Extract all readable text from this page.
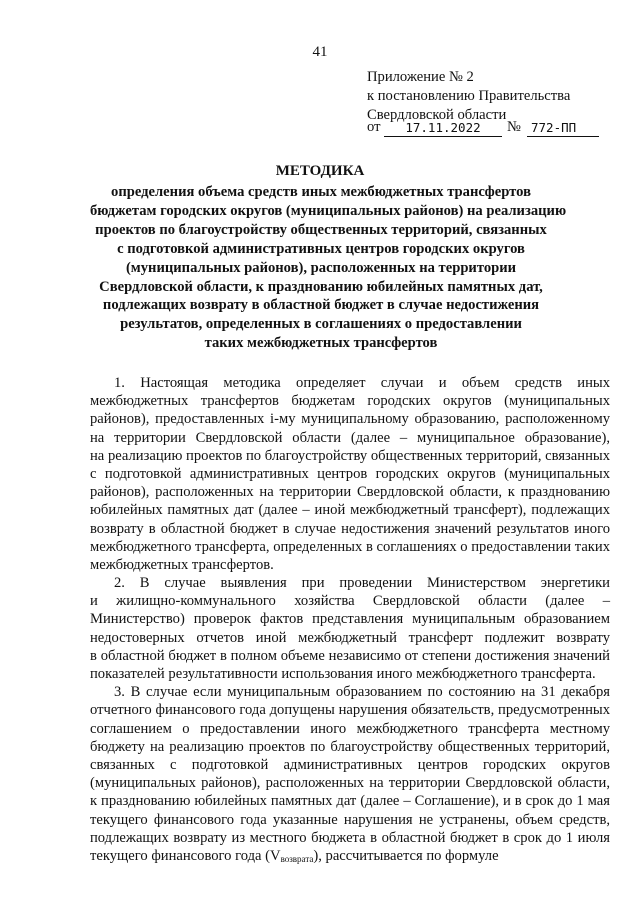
41
Приложение № 2
к постановлению Правительства
Свердловской области
от	17.11.2022	№ 772-ПП
МЕТОДИКА
определения объема средств иных межбюджетных трансфертов
бюджетам городских округов (муниципальных районов) на реализацию
проектов по благоустройству общественных территорий, связанных
с подготовкой административных центров городских округов
(муниципальных районов), расположенных на территории
Свердловской области, к празднованию юбилейных памятных дат,
подлежащих возврату в областной бюджет в случае недостижения
результатов, определенных в соглашениях о предоставлении
таких межбюджетных трансфертов
1. Настоящая методика определяет случаи и объем средств иных
межбюджетных трансфертов бюджетам городских округов (муниципальных
районов), предоставленных i-му муниципальному образованию, расположенному
на территории Свердловской области (далее – муниципальное образование),
на реализацию проектов по благоустройству общественных территорий, связанных
с подготовкой административных центров городских округов (муниципальных
районов), расположенных на территории Свердловской области, к празднованию
юбилейных памятных дат (далее – иной межбюджетный трансферт), подлежащих
возврату в областной бюджет в случае недостижения значений результатов иного
межбюджетного трансферта, определенных в соглашениях о предоставлении таких
межбюджетных трансфертов.
2. В случае выявления при проведении Министерством энергетики
и жилищно-коммунального хозяйства Свердловской области (далее –
Министерство) проверок фактов представления муниципальным образованием
недостоверных отчетов иной межбюджетный трансферт подлежит возврату
в областной бюджет в полном объеме независимо от степени достижения значений
показателей результативности использования иного межбюджетного трансферта.
3. В случае если муниципальным образованием по состоянию на 31 декабря
отчетного финансового года допущены нарушения обязательств, предусмотренных
соглашением о предоставлении иного межбюджетного трансферта местному
бюджету на реализацию проектов по благоустройству общественных территорий,
связанных с подготовкой административных центров городских округов
(муниципальных районов), расположенных на территории Свердловской области,
к празднованию юбилейных памятных дат (далее – Соглашение), и в срок до 1 мая
текущего финансового года указанные нарушения не устранены, объем средств,
подлежащих возврату из местного бюджета в областной бюджет в срок до 1 июля
текущего финансового года $(V_{возврата})$, рассчитывается по формуле
